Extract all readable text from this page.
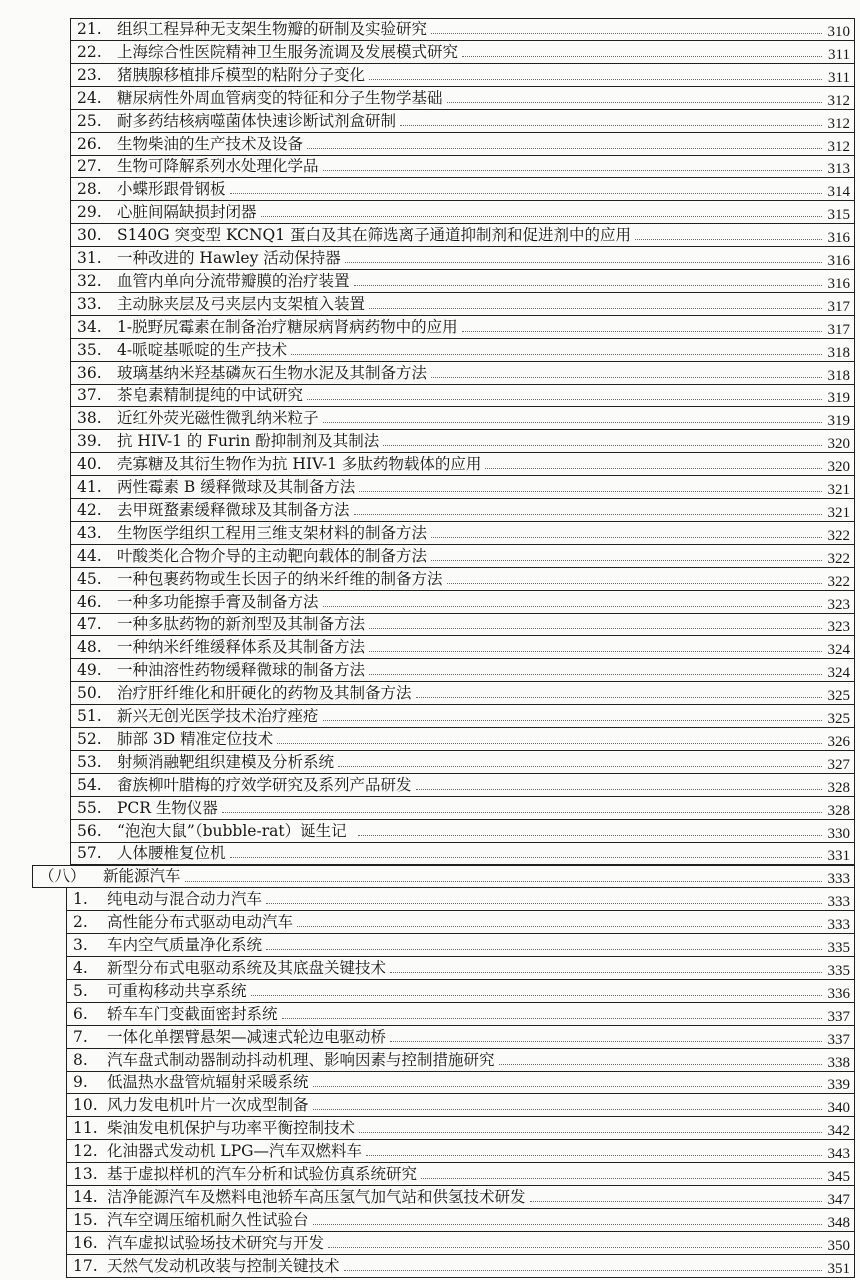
21. 组织工程异种无支架生物瓣的研制及实验研究	310
22. 上海综合性医院精神卫生服务流调及发展模式研究	311
23. 猪胰腺移植排斥模型的粘附分子变化	311
24. 糖尿病性外周血管病变的特征和分子生物学基础	312
25. 耐多药结核病噬菌体快速诊断试剂盒研制	312
26. 生物柴油的生产技术及设备	312
27. 生物可降解系列水处理化学品	313
28. 小蝶形跟骨钢板	314
29. 心脏间隔缺损封闭器	315
30. S140G 突变型 KCNQ1 蛋白及其在筛选离子通道抑制剂和促进剂中的应用	316
31. 一种改进的 Hawley 活动保持器	316
32. 血管内单向分流带瓣膜的治疗装置	316
33. 主动脉夹层及弓夹层内支架植入装置	317
34. 1-脱野尻霉素在制备治疗糖尿病肾病药物中的应用	317
35. 4-哌啶基哌啶的生产技术	318
36. 玻璃基纳米羟基磷灰石生物水泥及其制备方法	318
37. 茶皂素精制提纯的中试研究	319
38. 近红外荧光磁性微乳纳米粒子	319
39. 抗 HIV-1 的 Furin 酚抑制剂及其制法	320
40. 壳寡糖及其衍生物作为抗 HIV-1 多肽药物载体的应用	320
41. 两性霉素 B 缓释微球及其制备方法	321
42. 去甲斑蝥素缓释微球及其制备方法	321
43. 生物医学组织工程用三维支架材料的制备方法	322
44. 叶酸类化合物介导的主动靶向载体的制备方法	322
45. 一种包裹药物或生长因子的纳米纤维的制备方法	322
46. 一种多功能擦手膏及制备方法	323
47. 一种多肽药物的新剂型及其制备方法	323
48. 一种纳米纤维缓释体系及其制备方法	324
49. 一种油溶性药物缓释微球的制备方法	324
50. 治疗肝纤维化和肝硬化的药物及其制备方法	325
51. 新兴无创光医学技术治疗痤疮	325
52. 肺部 3D 精准定位技术	326
53. 射频消融靶组织建模及分析系统	327
54. 畲族柳叶腊梅的疗效学研究及系列产品研发	328
55. PCR 生物仪器	328
56. “泡泡大鼠”（bubble-rat）诞生记	330
57. 人体腰椎复位机	331
（八） 新能源汽车	333
1. 纯电动与混合动力汽车	333
2. 高性能分布式驱动电动汽车	333
3. 车内空气质量净化系统	335
4. 新型分布式电驱动系统及其底盘关键技术	335
5. 可重构移动共享系统	336
6. 轿车车门变截面密封系统	337
7. 一体化单摆臂悬架—减速式轮边电驱动桥	337
8. 汽车盘式制动器制动抖动机理、影响因素与控制措施研究	338
9. 低温热水盘管炕辐射采暖系统	339
10. 风力发电机叶片一次成型制备	340
11. 柴油发电机保护与功率平衡控制技术	342
12. 化油器式发动机 LPG—汽车双燃料车	343
13. 基于虚拟样机的汽车分析和试验仿真系统研究	345
14. 洁净能源汽车及燃料电池轿车高压氢气加气站和供氢技术研发	347
15. 汽车空调压缩机耐久性试验台	348
16. 汽车虚拟试验场技术研究与开发	350
17. 天然气发动机改装与控制关键技术	351
